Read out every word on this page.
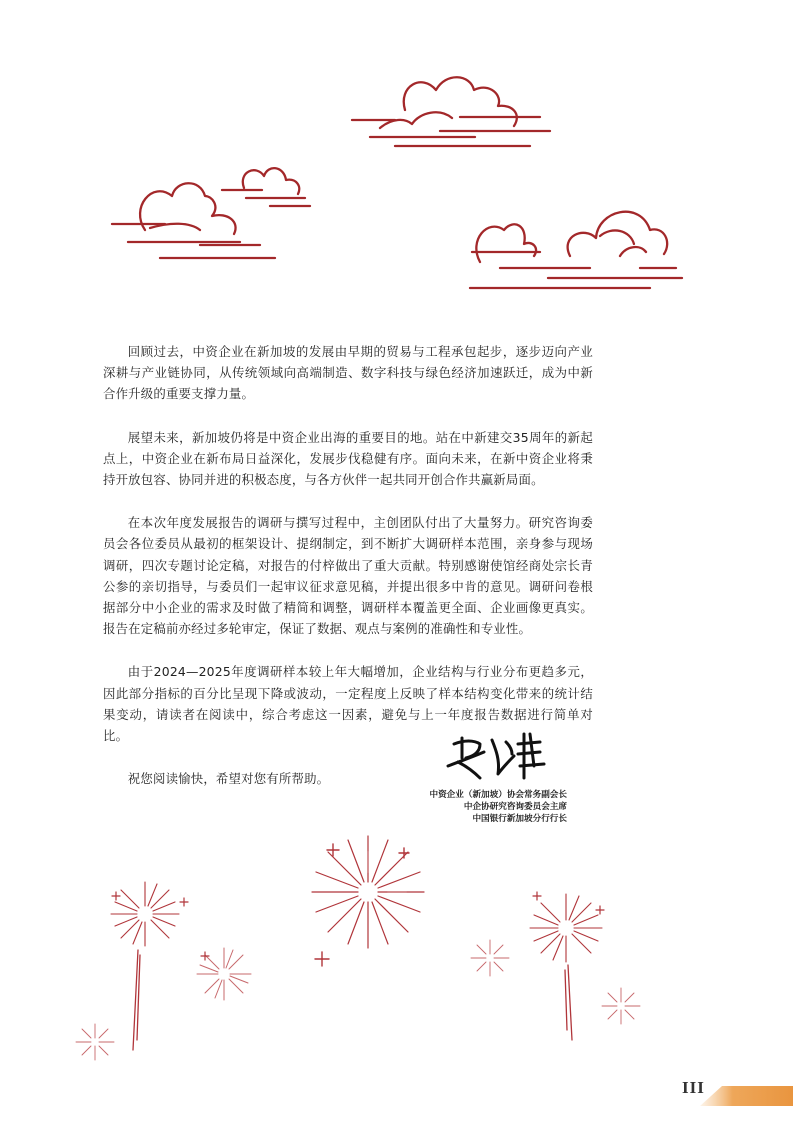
回顾过去，中资企业在新加坡的发展由早期的贸易与工程承包起步，逐步迈向产业深耕与产业链协同，从传统领域向高端制造、数字科技与绿色经济加速跃迁，成为中新合作升级的重要支撑力量。

展望未来，新加坡仍将是中资企业出海的重要目的地。站在中新建交35周年的新起点上，中资企业在新布局日益深化，发展步伐稳健有序。面向未来，在新中资企业将秉持开放包容、协同并进的积极态度，与各方伙伴一起共同开创合作共赢新局面。

在本次年度发展报告的调研与撰写过程中，主创团队付出了大量努力。研究咨询委员会各位委员从最初的框架设计、提纲制定，到不断扩大调研样本范围，亲身参与现场调研，四次专题讨论定稿，对报告的付梓做出了重大贡献。特别感谢使馆经商处宗长青公参的亲切指导，与委员们一起审议征求意见稿，并提出很多中肯的意见。调研问卷根据部分中小企业的需求及时做了精简和调整，调研样本覆盖更全面、企业画像更真实。报告在定稿前亦经过多轮审定，保证了数据、观点与案例的准确性和专业性。

由于2024—2025年度调研样本较上年大幅增加，企业结构与行业分布更趋多元，因此部分指标的百分比呈现下降或波动，一定程度上反映了样本结构变化带来的统计结果变动，请读者在阅读中，综合考虑这一因素，避免与上一年度报告数据进行简单对比。

祝您阅读愉快，希望对您有所帮助。

中资企业（新加坡）协会常务副会长
中企协研究咨询委员会主席
中国银行新加坡分行行长
III
